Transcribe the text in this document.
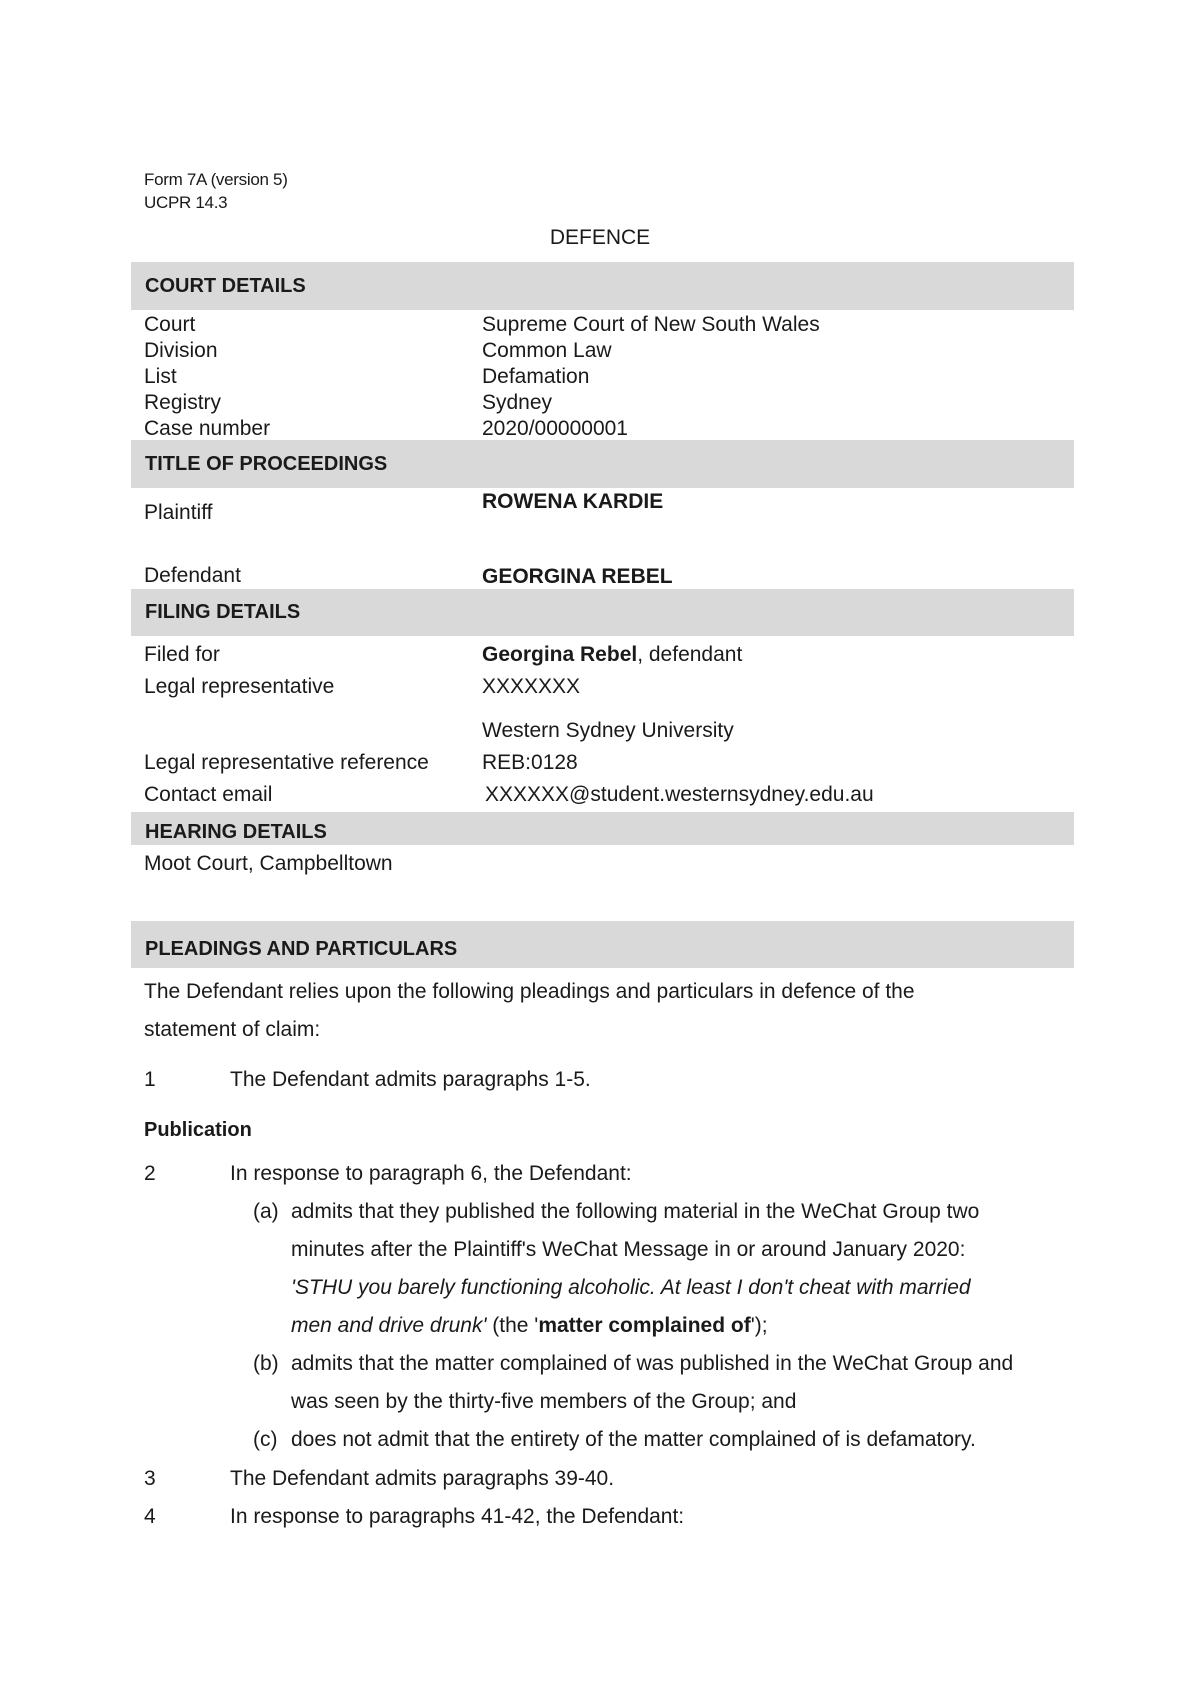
Form 7A (version 5)
UCPR 14.3
DEFENCE
COURT DETAILS
Court	Supreme Court of New South Wales
Division	Common Law
List	Defamation
Registry	Sydney
Case number	2020/00000001
TITLE OF PROCEEDINGS
Plaintiff	ROWENA KARDIE
Defendant	GEORGINA REBEL
FILING DETAILS
Filed for	Georgina Rebel, defendant
Legal representative	XXXXXXX
Western Sydney University
Legal representative reference	REB:0128
Contact email	XXXXXX@student.westernsydney.edu.au
HEARING DETAILS
Moot Court, Campbelltown
PLEADINGS AND PARTICULARS
The Defendant relies upon the following pleadings and particulars in defence of the
statement of claim:
1	The Defendant admits paragraphs 1-5.
Publication
2	In response to paragraph 6, the Defendant:
(a) admits that they published the following material in the WeChat Group two
minutes after the Plaintiff's WeChat Message in or around January 2020:
'STHU you barely functioning alcoholic. At least I don't cheat with married
men and drive drunk' (the 'matter complained of');
(b) admits that the matter complained of was published in the WeChat Group and
was seen by the thirty-five members of the Group; and
(c) does not admit that the entirety of the matter complained of is defamatory.
3	The Defendant admits paragraphs 39-40.
4	In response to paragraphs 41-42, the Defendant:
